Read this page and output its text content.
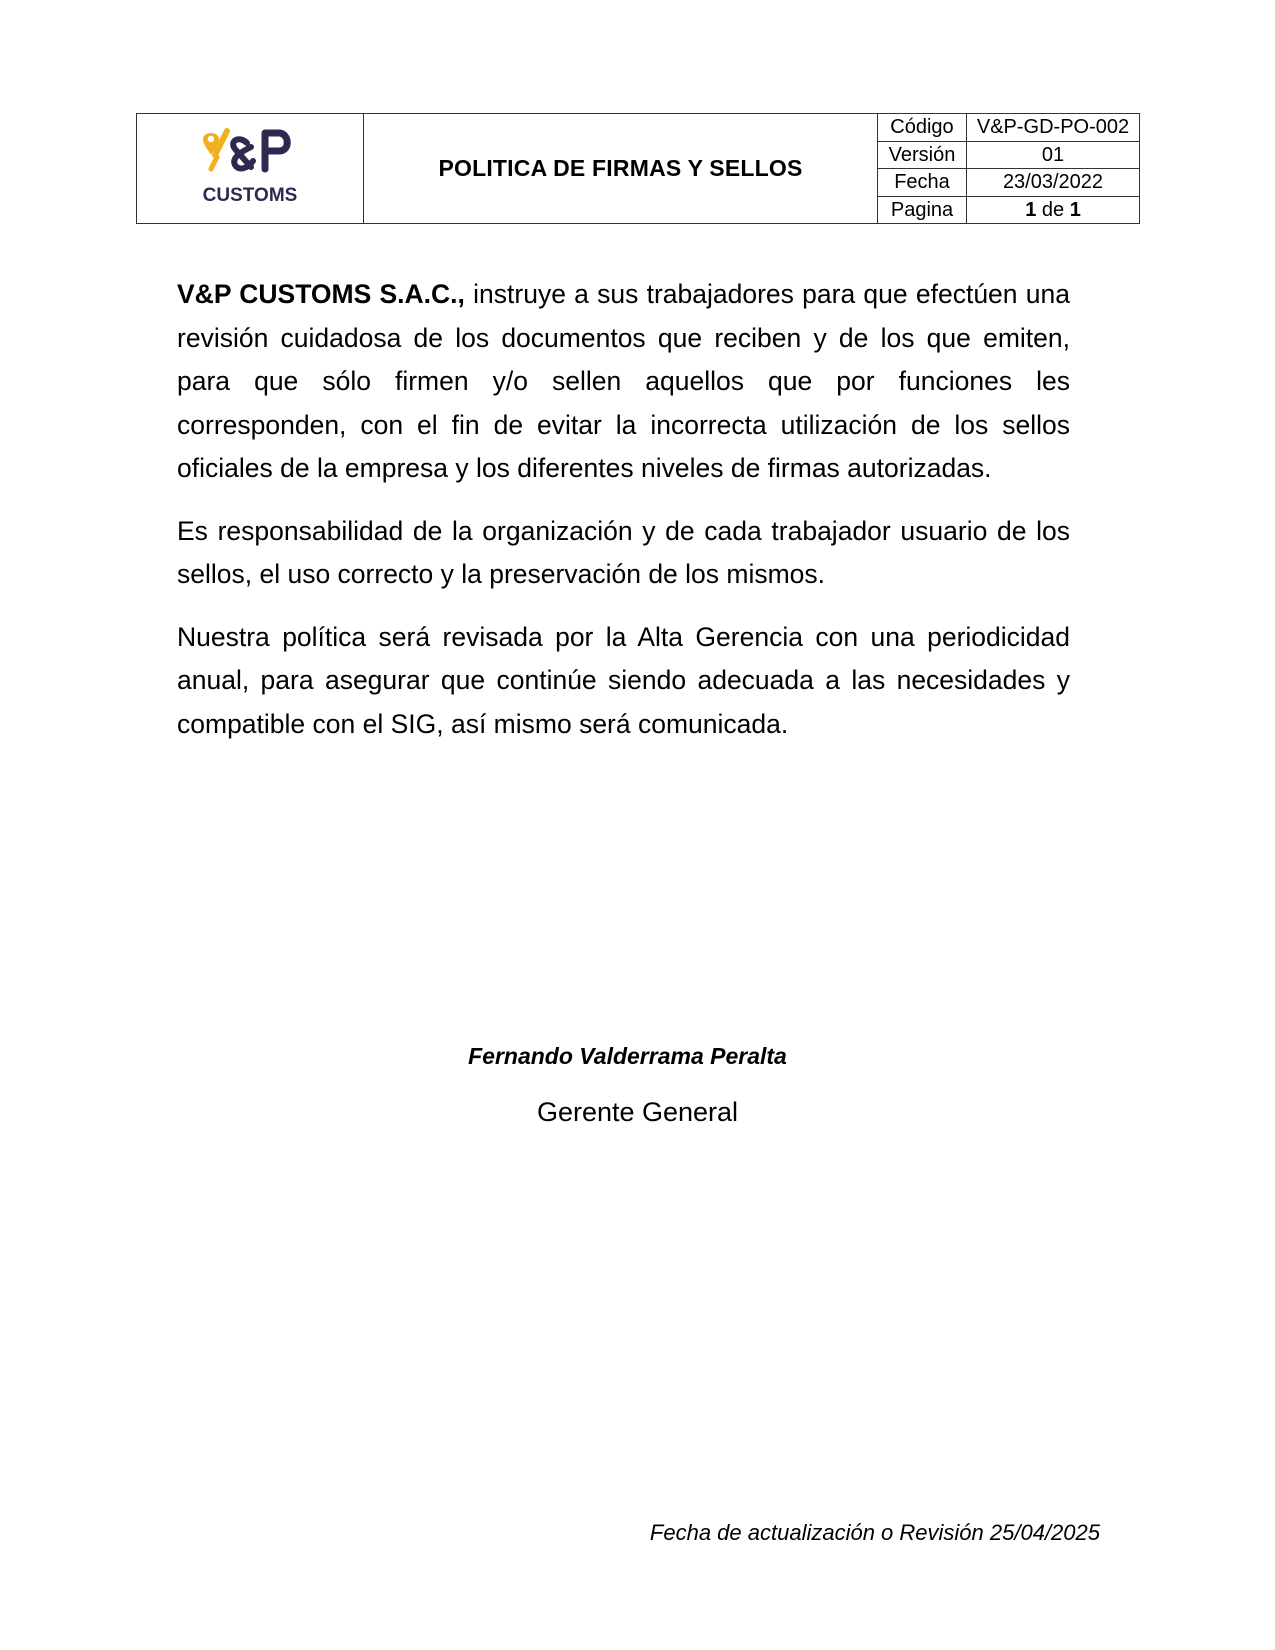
CUSTOMS	POLITICA DE FIRMAS Y SELLOS	Código	V&P-GD-PO-002
		Versión	01
		Fecha	23/03/2022
		Pagina	1 de 1

V&P CUSTOMS S.A.C., instruye a sus trabajadores para que efectúen una revisión cuidadosa de los documentos que reciben y de los que emiten, para que sólo firmen y/o sellen aquellos que por funciones les corresponden, con el fin de evitar la incorrecta utilización de los sellos oficiales de la empresa y los diferentes niveles de firmas autorizadas.

Es responsabilidad de la organización y de cada trabajador usuario de los sellos, el uso correcto y la preservación de los mismos.

Nuestra política será revisada por la Alta Gerencia con una periodicidad anual, para asegurar que continúe siendo adecuada a las necesidades y compatible con el SIG, así mismo será comunicada.

Fernando Valderrama Peralta
Gerente General
Fecha de actualización o Revisión 25/04/2025
